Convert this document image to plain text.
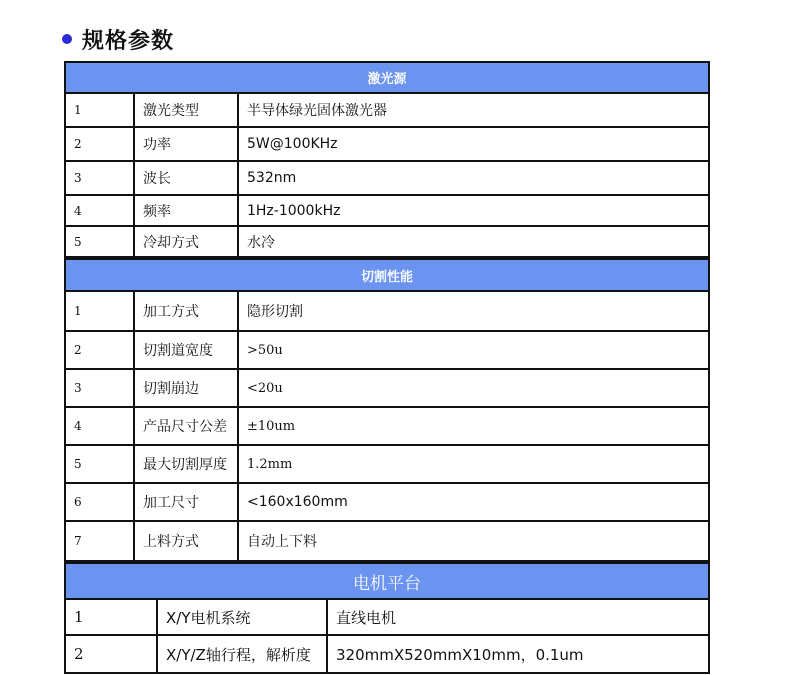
规格参数
激光源		
1	激光类型	半导体绿光固体激光器
2	功率	5W@100KHz
3	波长	532nm
4	频率	1Hz-1000kHz
5	冷却方式	水冷
切割性能		
1	加工方式	隐形切割
2	切割道宽度	>50u
3	切割崩边	<20u
4	产品尺寸公差	±10um
5	最大切割厚度	1.2mm
6	加工尺寸	<160x160mm
7	上料方式	自动上下料
电机平台		
1	X/Y电机系统	直线电机
2	X/Y/Z轴行程，解析度	320mmX520mmX10mm，0.1um
